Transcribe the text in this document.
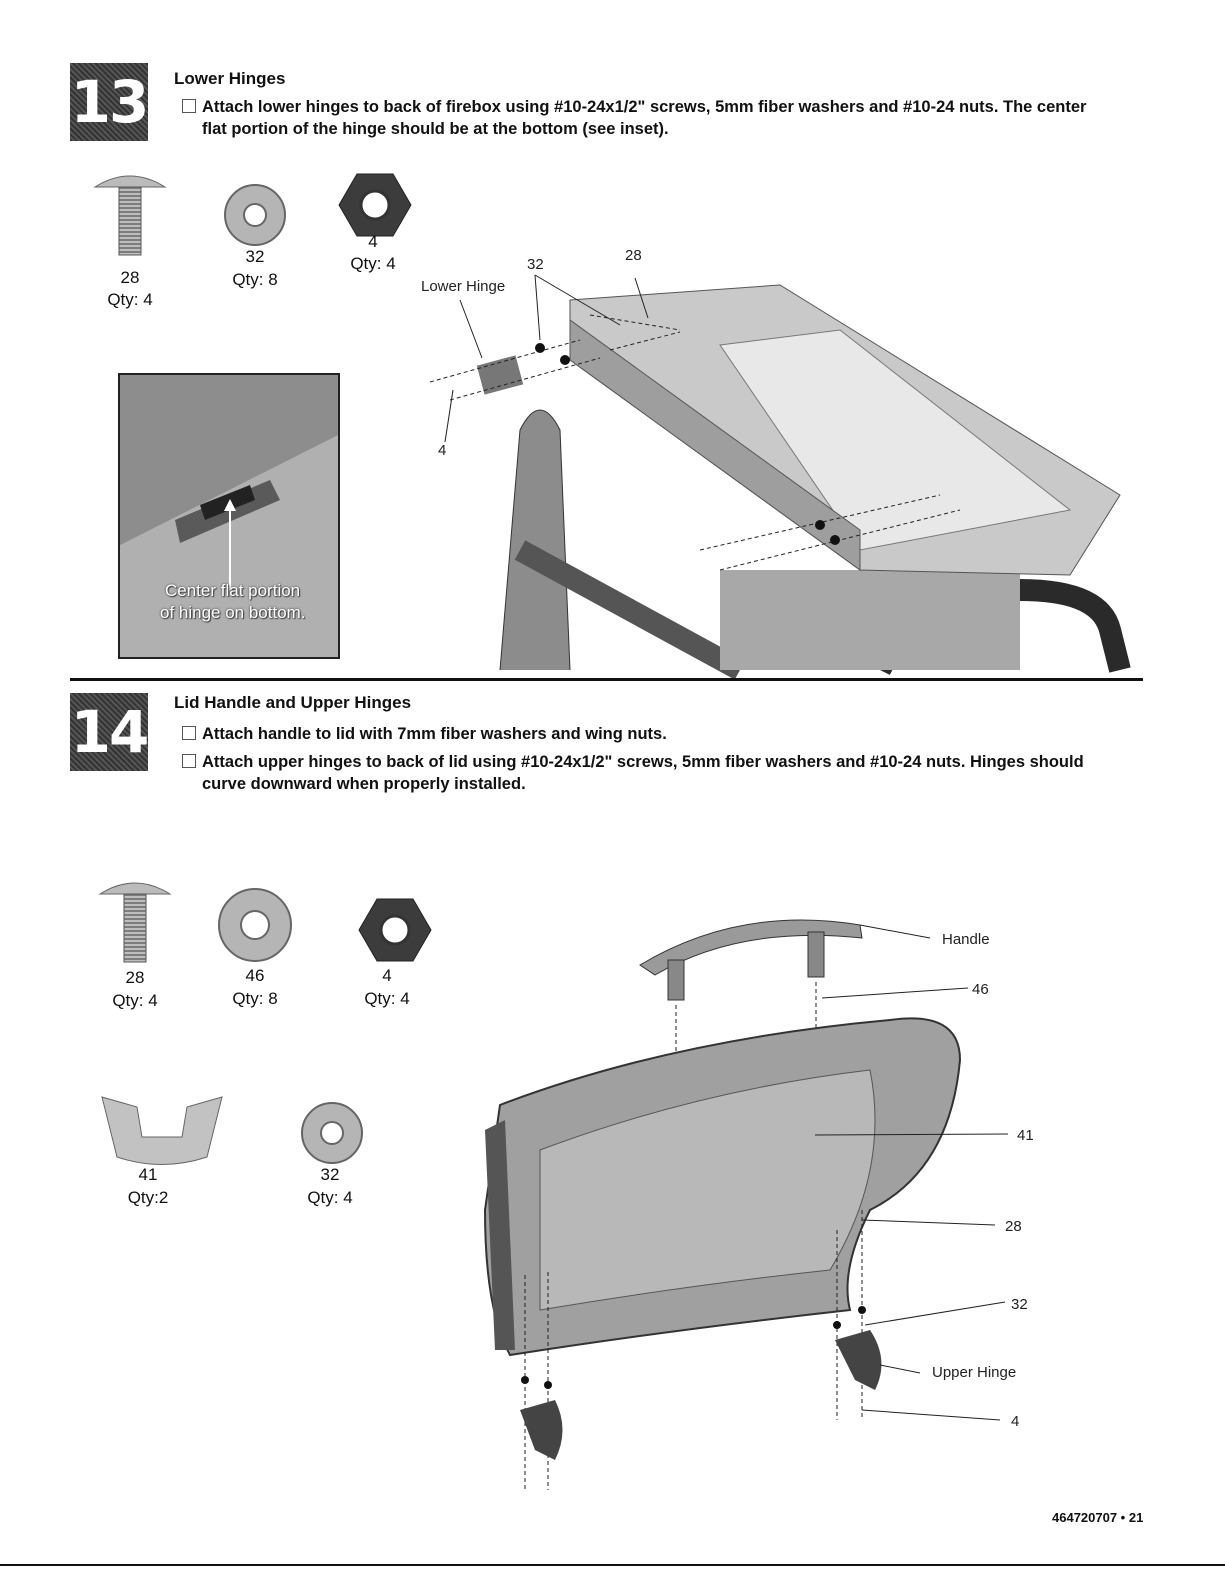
13 Lower Hinges
Attach lower hinges to back of firebox using #10-24x1/2" screws, 5mm fiber washers and #10-24 nuts. The center flat portion of the hinge should be at the bottom (see inset).
28
Qty: 4
32
Qty: 8
4
Qty: 4
Center flat portion
of hinge on bottom.
Lower Hinge
32
28
4
14 Lid Handle and Upper Hinges
Attach handle to lid with 7mm fiber washers and wing nuts.
Attach upper hinges to back of lid using #10-24x1/2" screws, 5mm fiber washers and #10-24 nuts. Hinges should curve downward when properly installed.
28
Qty: 4
46
Qty: 8
4
Qty: 4
41
Qty:2
32
Qty: 4
Handle
46
41
28
32
Upper Hinge
4
464720707 • 21
